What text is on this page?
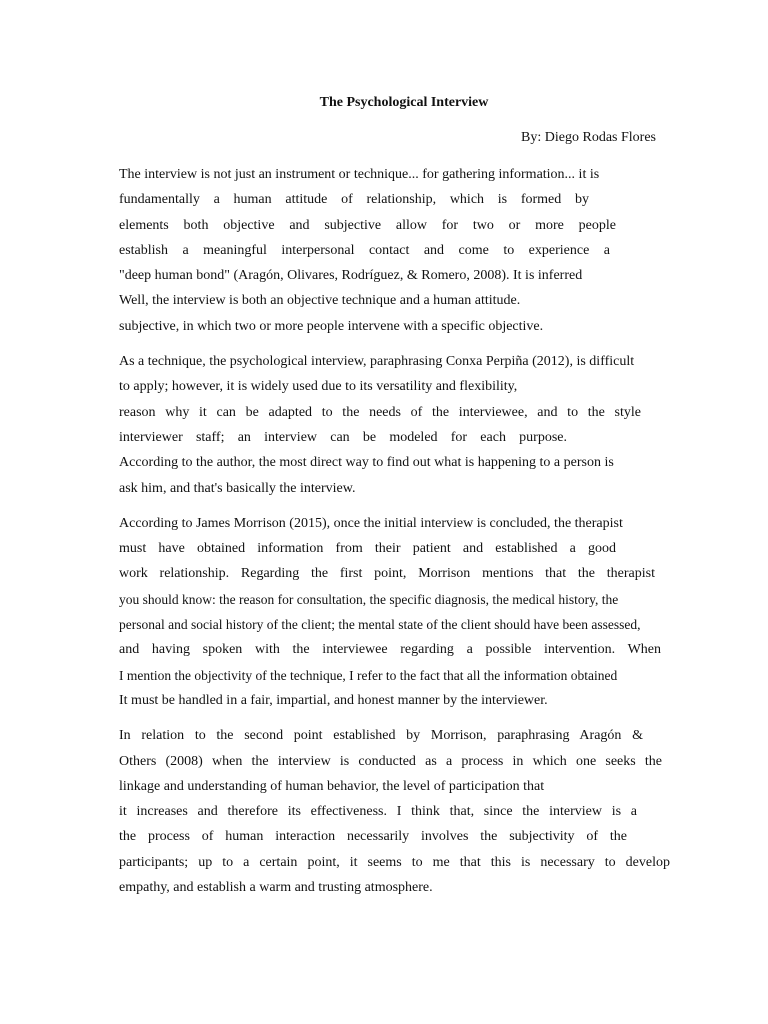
The Psychological Interview
By: Diego Rodas Flores
The interview is not just an instrument or technique... for gathering information... it is
fundamentally a human attitude of relationship, which is formed by
elements both objective and subjective allow for two or more people
establish a meaningful interpersonal contact and come to experience a
"deep human bond" (Aragón, Olivares, Rodríguez, & Romero, 2008). It is inferred
Well, the interview is both an objective technique and a human attitude.
subjective, in which two or more people intervene with a specific objective.
As a technique, the psychological interview, paraphrasing Conxa Perpiña (2012), is difficult
to apply; however, it is widely used due to its versatility and flexibility,
reason why it can be adapted to the needs of the interviewee, and to the style
interviewer staff; an interview can be modeled for each purpose.
According to the author, the most direct way to find out what is happening to a person is
ask him, and that's basically the interview.
According to James Morrison (2015), once the initial interview is concluded, the therapist
must have obtained information from their patient and established a good
work relationship. Regarding the first point, Morrison mentions that the therapist
you should know: the reason for consultation, the specific diagnosis, the medical history, the
personal and social history of the client; the mental state of the client should have been assessed,
and having spoken with the interviewee regarding a possible intervention. When
I mention the objectivity of the technique, I refer to the fact that all the information obtained
It must be handled in a fair, impartial, and honest manner by the interviewer.
In relation to the second point established by Morrison, paraphrasing Aragón &
Others (2008) when the interview is conducted as a process in which one seeks the
linkage and understanding of human behavior, the level of participation that
it increases and therefore its effectiveness. I think that, since the interview is a
the process of human interaction necessarily involves the subjectivity of the
participants; up to a certain point, it seems to me that this is necessary to develop
empathy, and establish a warm and trusting atmosphere.
